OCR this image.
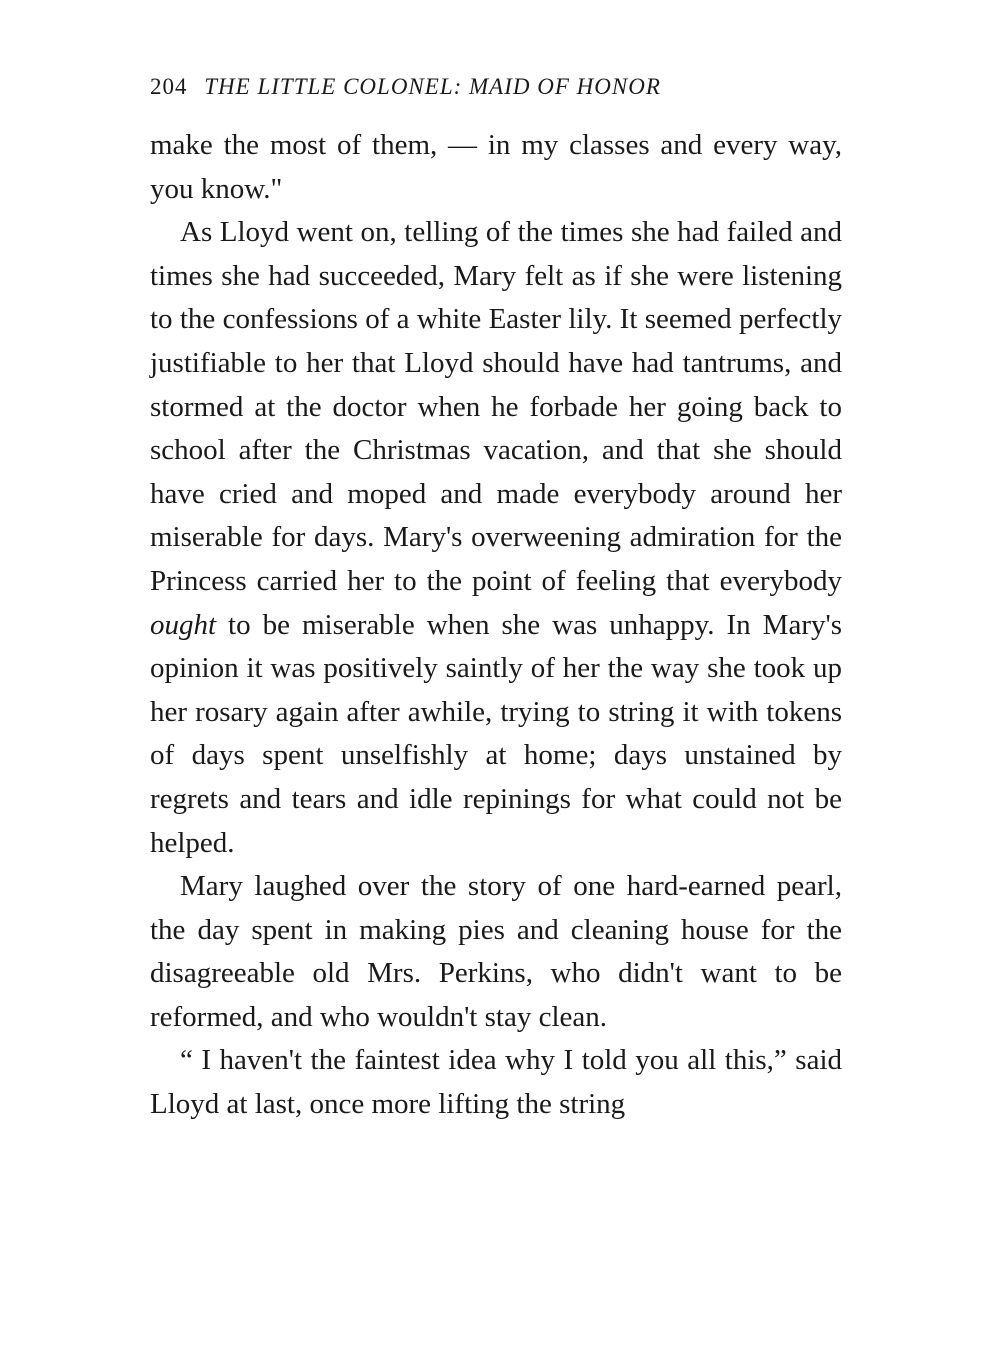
204 THE LITTLE COLONEL: MAID OF HONOR

make the most of them, — in my classes and every way, you know."

As Lloyd went on, telling of the times she had failed and times she had succeeded, Mary felt as if she were listening to the confessions of a white Easter lily. It seemed perfectly justifiable to her that Lloyd should have had tantrums, and stormed at the doctor when he forbade her going back to school after the Christmas vacation, and that she should have cried and moped and made everybody around her miserable for days. Mary's overweening admiration for the Princess carried her to the point of feeling that everybody ought to be miserable when she was unhappy. In Mary's opinion it was positively saintly of her the way she took up her rosary again after awhile, trying to string it with tokens of days spent unselfishly at home; days unstained by regrets and tears and idle repinings for what could not be helped.

Mary laughed over the story of one hard-earned pearl, the day spent in making pies and cleaning house for the disagreeable old Mrs. Perkins, who didn't want to be reformed, and who wouldn't stay clean.

“ I haven't the faintest idea why I told you all this,” said Lloyd at last, once more lifting the string
